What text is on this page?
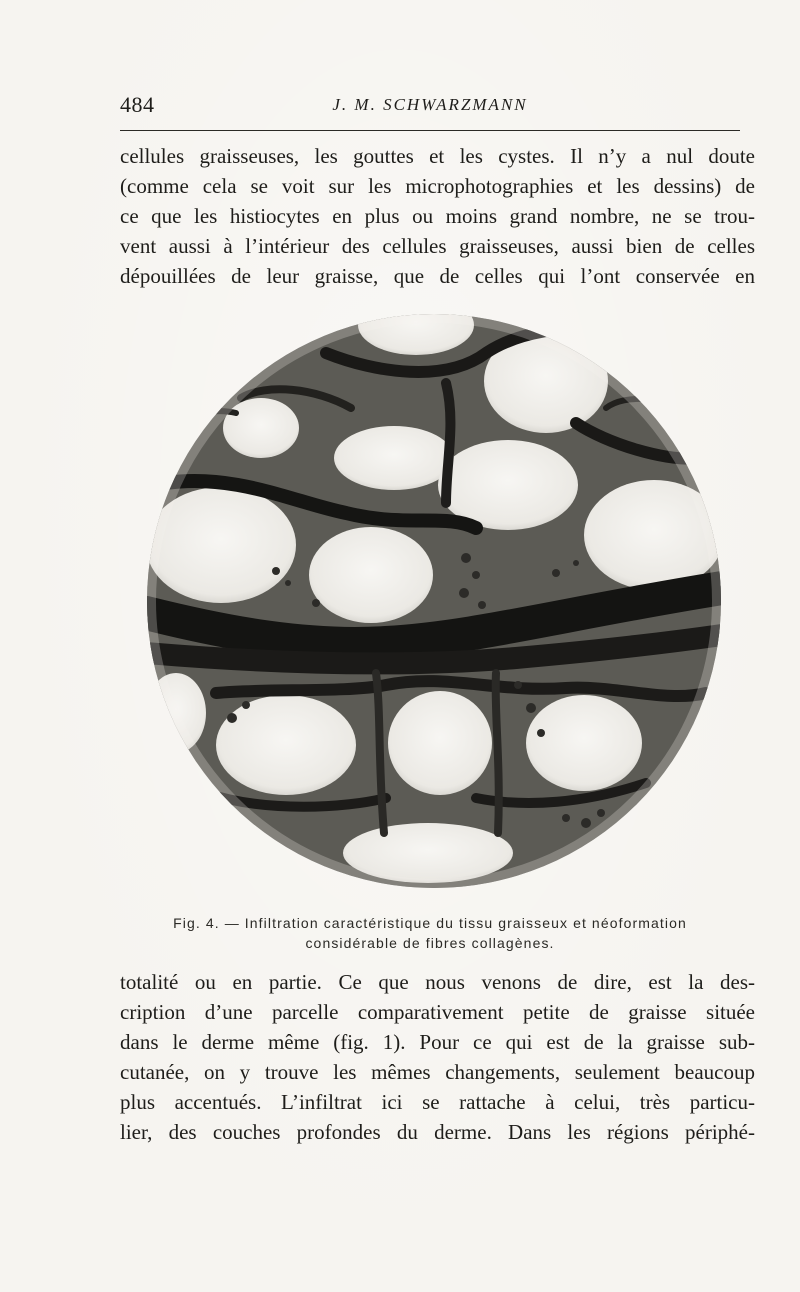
484	J. M. SCHWARZMANN
cellules graisseuses, les gouttes et les cystes. Il n’y a nul doute
(comme cela se voit sur les microphotographies et les dessins) de
ce que les histiocytes en plus ou moins grand nombre, ne se trou-
vent aussi à l’intérieur des cellules graisseuses, aussi bien de celles
dépouillées de leur graisse, que de celles qui l’ont conservée en
Fig. 4. — Infiltration caractéristique du tissu graisseux et néoformation
considérable de fibres collagènes.
totalité ou en partie. Ce que nous venons de dire, est la des-
cription d’une parcelle comparativement petite de graisse située
dans le derme même (fig. 1). Pour ce qui est de la graisse sub-
cutanée, on y trouve les mêmes changements, seulement beaucoup
plus accentués. L’infiltrat ici se rattache à celui, très particu-
lier, des couches profondes du derme. Dans les régions périphé-
